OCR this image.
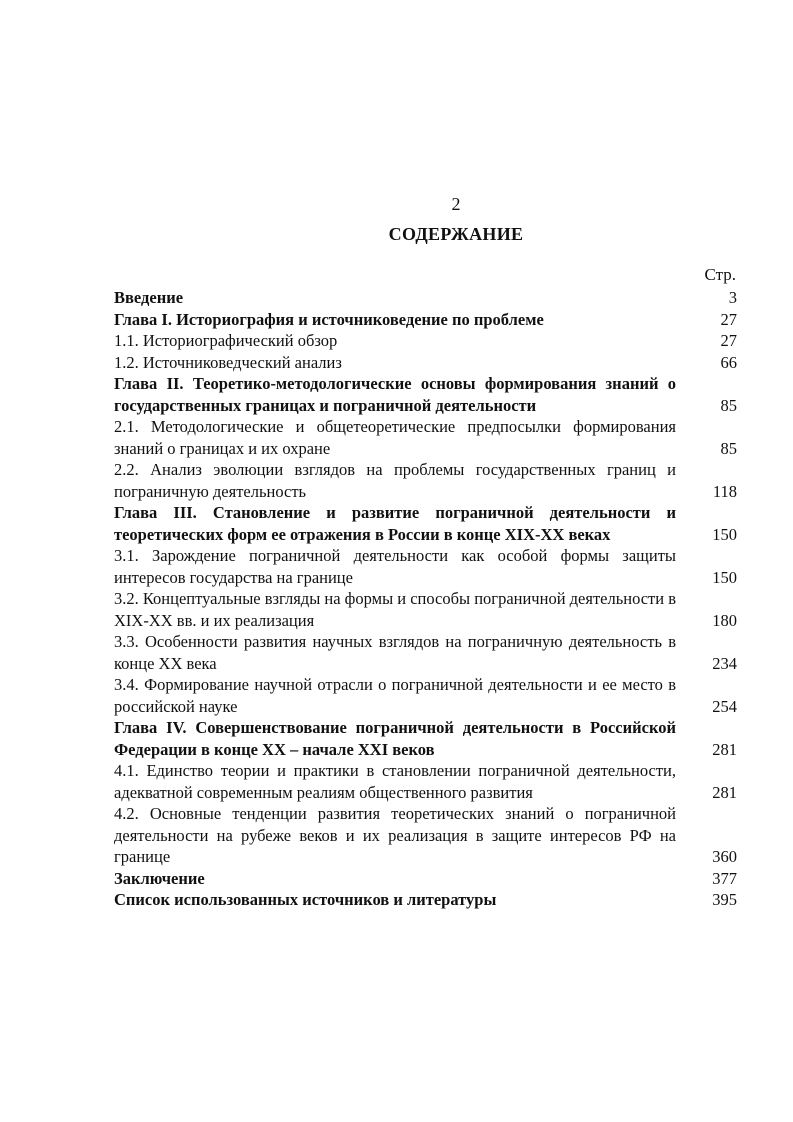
2
СОДЕРЖАНИЕ
Стр.
Введение	3
Глава I. Историография и источниковедение по проблеме	27
1.1. Историографический обзор	27
1.2. Источниковедческий анализ	66
Глава II. Теоретико-методологические основы формирования знаний о государственных границах и пограничной деятельности	85
2.1. Методологические и общетеоретические предпосылки формирования знаний о границах и их охране	85
2.2. Анализ эволюции взглядов на проблемы государственных границ и пограничную деятельность	118
Глава III. Становление и развитие пограничной деятельности и теоретических форм ее отражения в России в конце XIX-XX веках	150
3.1. Зарождение пограничной деятельности как особой формы защиты интересов государства на границе	150
3.2. Концептуальные взгляды на формы и способы пограничной деятельности в XIX-XX вв. и их реализация	180
3.3. Особенности развития научных взглядов на пограничную деятельность в конце XX века	234
3.4. Формирование научной отрасли о пограничной деятельности и ее место в российской науке	254
Глава IV. Совершенствование пограничной деятельности в Российской Федерации в конце XX – начале XXI веков	281
4.1. Единство теории и практики в становлении пограничной деятельности, адекватной современным реалиям общественного развития	281
4.2. Основные тенденции развития теоретических знаний о пограничной деятельности на рубеже веков и их реализация в защите интересов РФ на границе	360
Заключение	377
Список использованных источников и литературы	395
